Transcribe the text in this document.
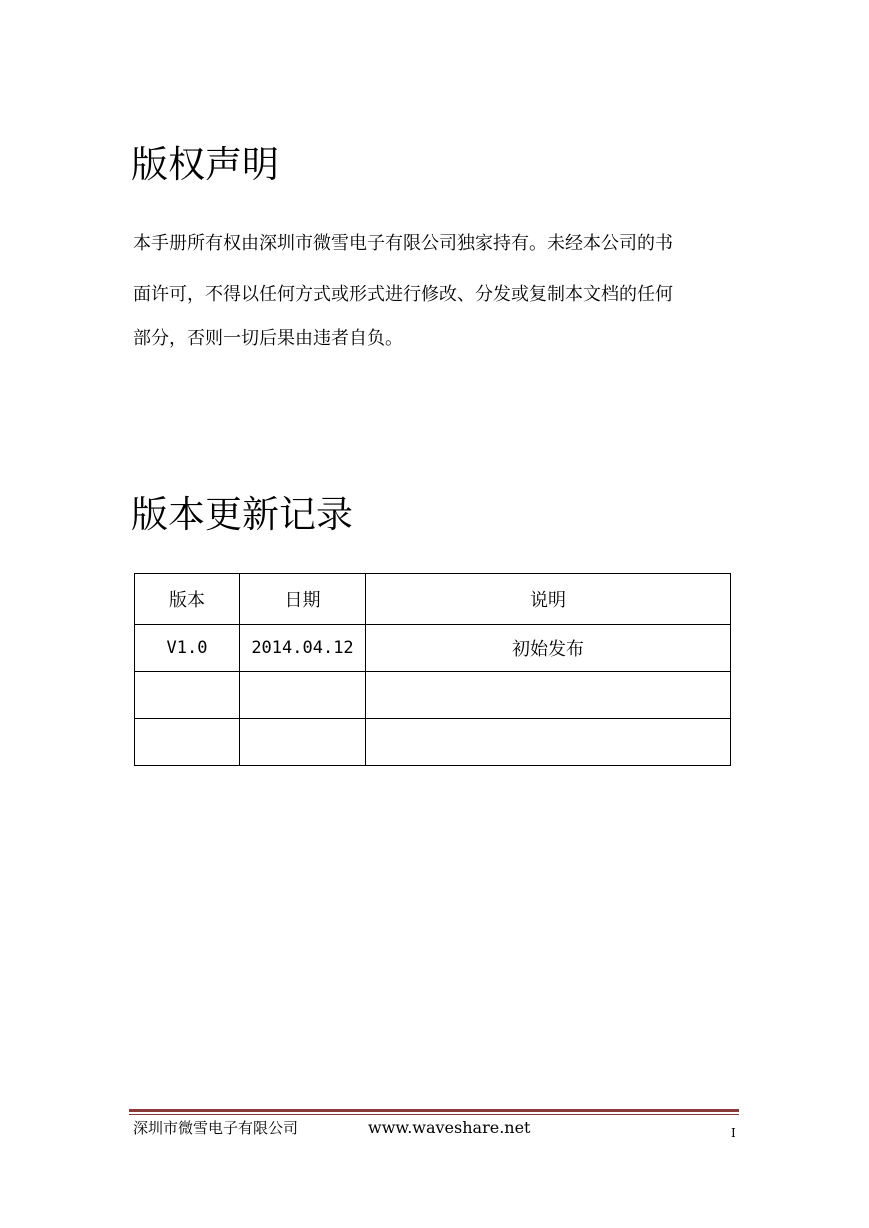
版权声明
本手册所有权由深圳市微雪电子有限公司独家持有。未经本公司的书
面许可，不得以任何方式或形式进行修改、分发或复制本文档的任何
部分，否则一切后果由违者自负。
版本更新记录
版本	日期	说明
V1.0	2014.04.12	初始发布

深圳市微雪电子有限公司	www.waveshare.net	I
